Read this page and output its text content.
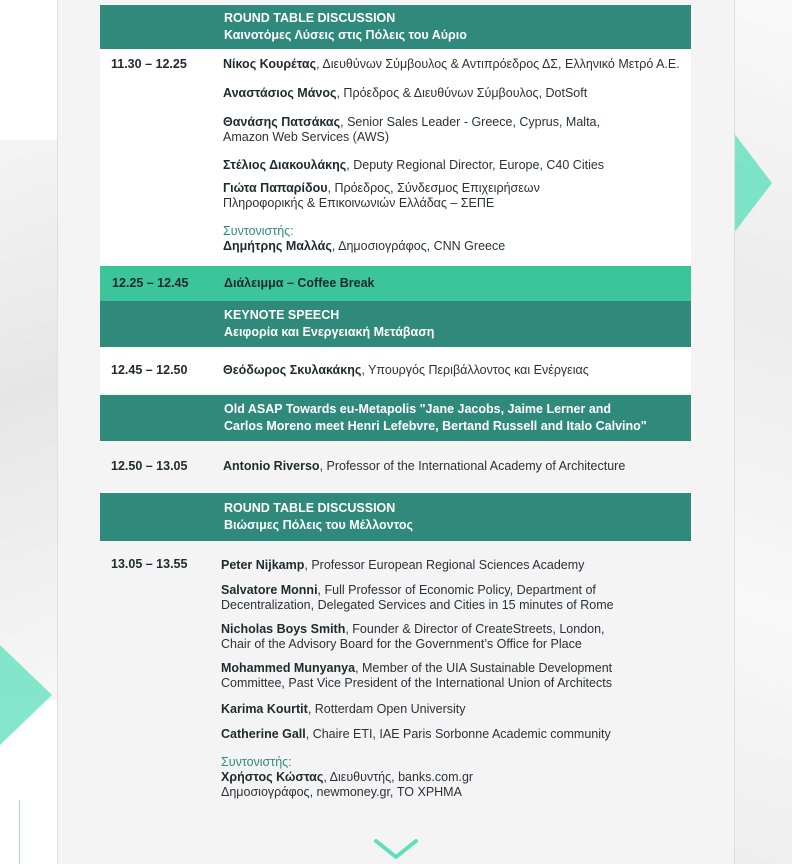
ROUND TABLE DISCUSSION
Καινοτόμες Λύσεις στις Πόλεις του Αύριο
11.30 – 12.25	Νίκος Κουρέτας, Διευθύνων Σύμβουλος & Αντιπρόεδρος ΔΣ, Ελληνικό Μετρό Α.Ε.
Αναστάσιος Μάνος, Πρόεδρος & Διευθύνων Σύμβουλος, DotSoft
Θανάσης Πατσάκας, Senior Sales Leader - Greece, Cyprus, Malta,
Amazon Web Services (AWS)
Στέλιος Διακουλάκης, Deputy Regional Director, Europe, C40 Cities
Γιώτα Παπαρίδου, Πρόεδρος, Σύνδεσμος Επιχειρήσεων
Πληροφορικής & Επικοινωνιών Ελλάδας – ΣΕΠΕ
Συντονιστής:
Δημήτρης Μαλλάς, Δημοσιογράφος, CNN Greece
12.25 – 12.45	Διάλειμμα – Coffee Break
KEYNOTE SPEECH
Αειφορία και Ενεργειακή Μετάβαση
12.45 – 12.50	Θεόδωρος Σκυλακάκης, Υπουργός Περιβάλλοντος και Ενέργειας
Old ASAP Towards eu-Metapolis "Jane Jacobs, Jaime Lerner and
Carlos Moreno meet Henri Lefebvre, Bertand Russell and Italo Calvino"
12.50 – 13.05	Antonio Riverso, Professor of the International Academy of Architecture
ROUND TABLE DISCUSSION
Βιώσιμες Πόλεις του Μέλλοντος
13.05 – 13.55	Peter Nijkamp, Professor European Regional Sciences Academy
Salvatore Monni, Full Professor of Economic Policy, Department of
Decentralization, Delegated Services and Cities in 15 minutes of Rome
Nicholas Boys Smith, Founder & Director of CreateStreets, London,
Chair of the Advisory Board for the Government’s Office for Place
Mohammed Munyanya, Member of the UIA Sustainable Development
Committee, Past Vice President of the International Union of Architects
Karima Kourtit, Rotterdam Open University
Catherine Gall, Chaire ETI, IAE Paris Sorbonne Academic community
Συντονιστής:
Χρήστος Κώστας, Διευθυντής, banks.com.gr
Δημοσιογράφος, newmoney.gr, ΤΟ ΧΡΗΜΑ
